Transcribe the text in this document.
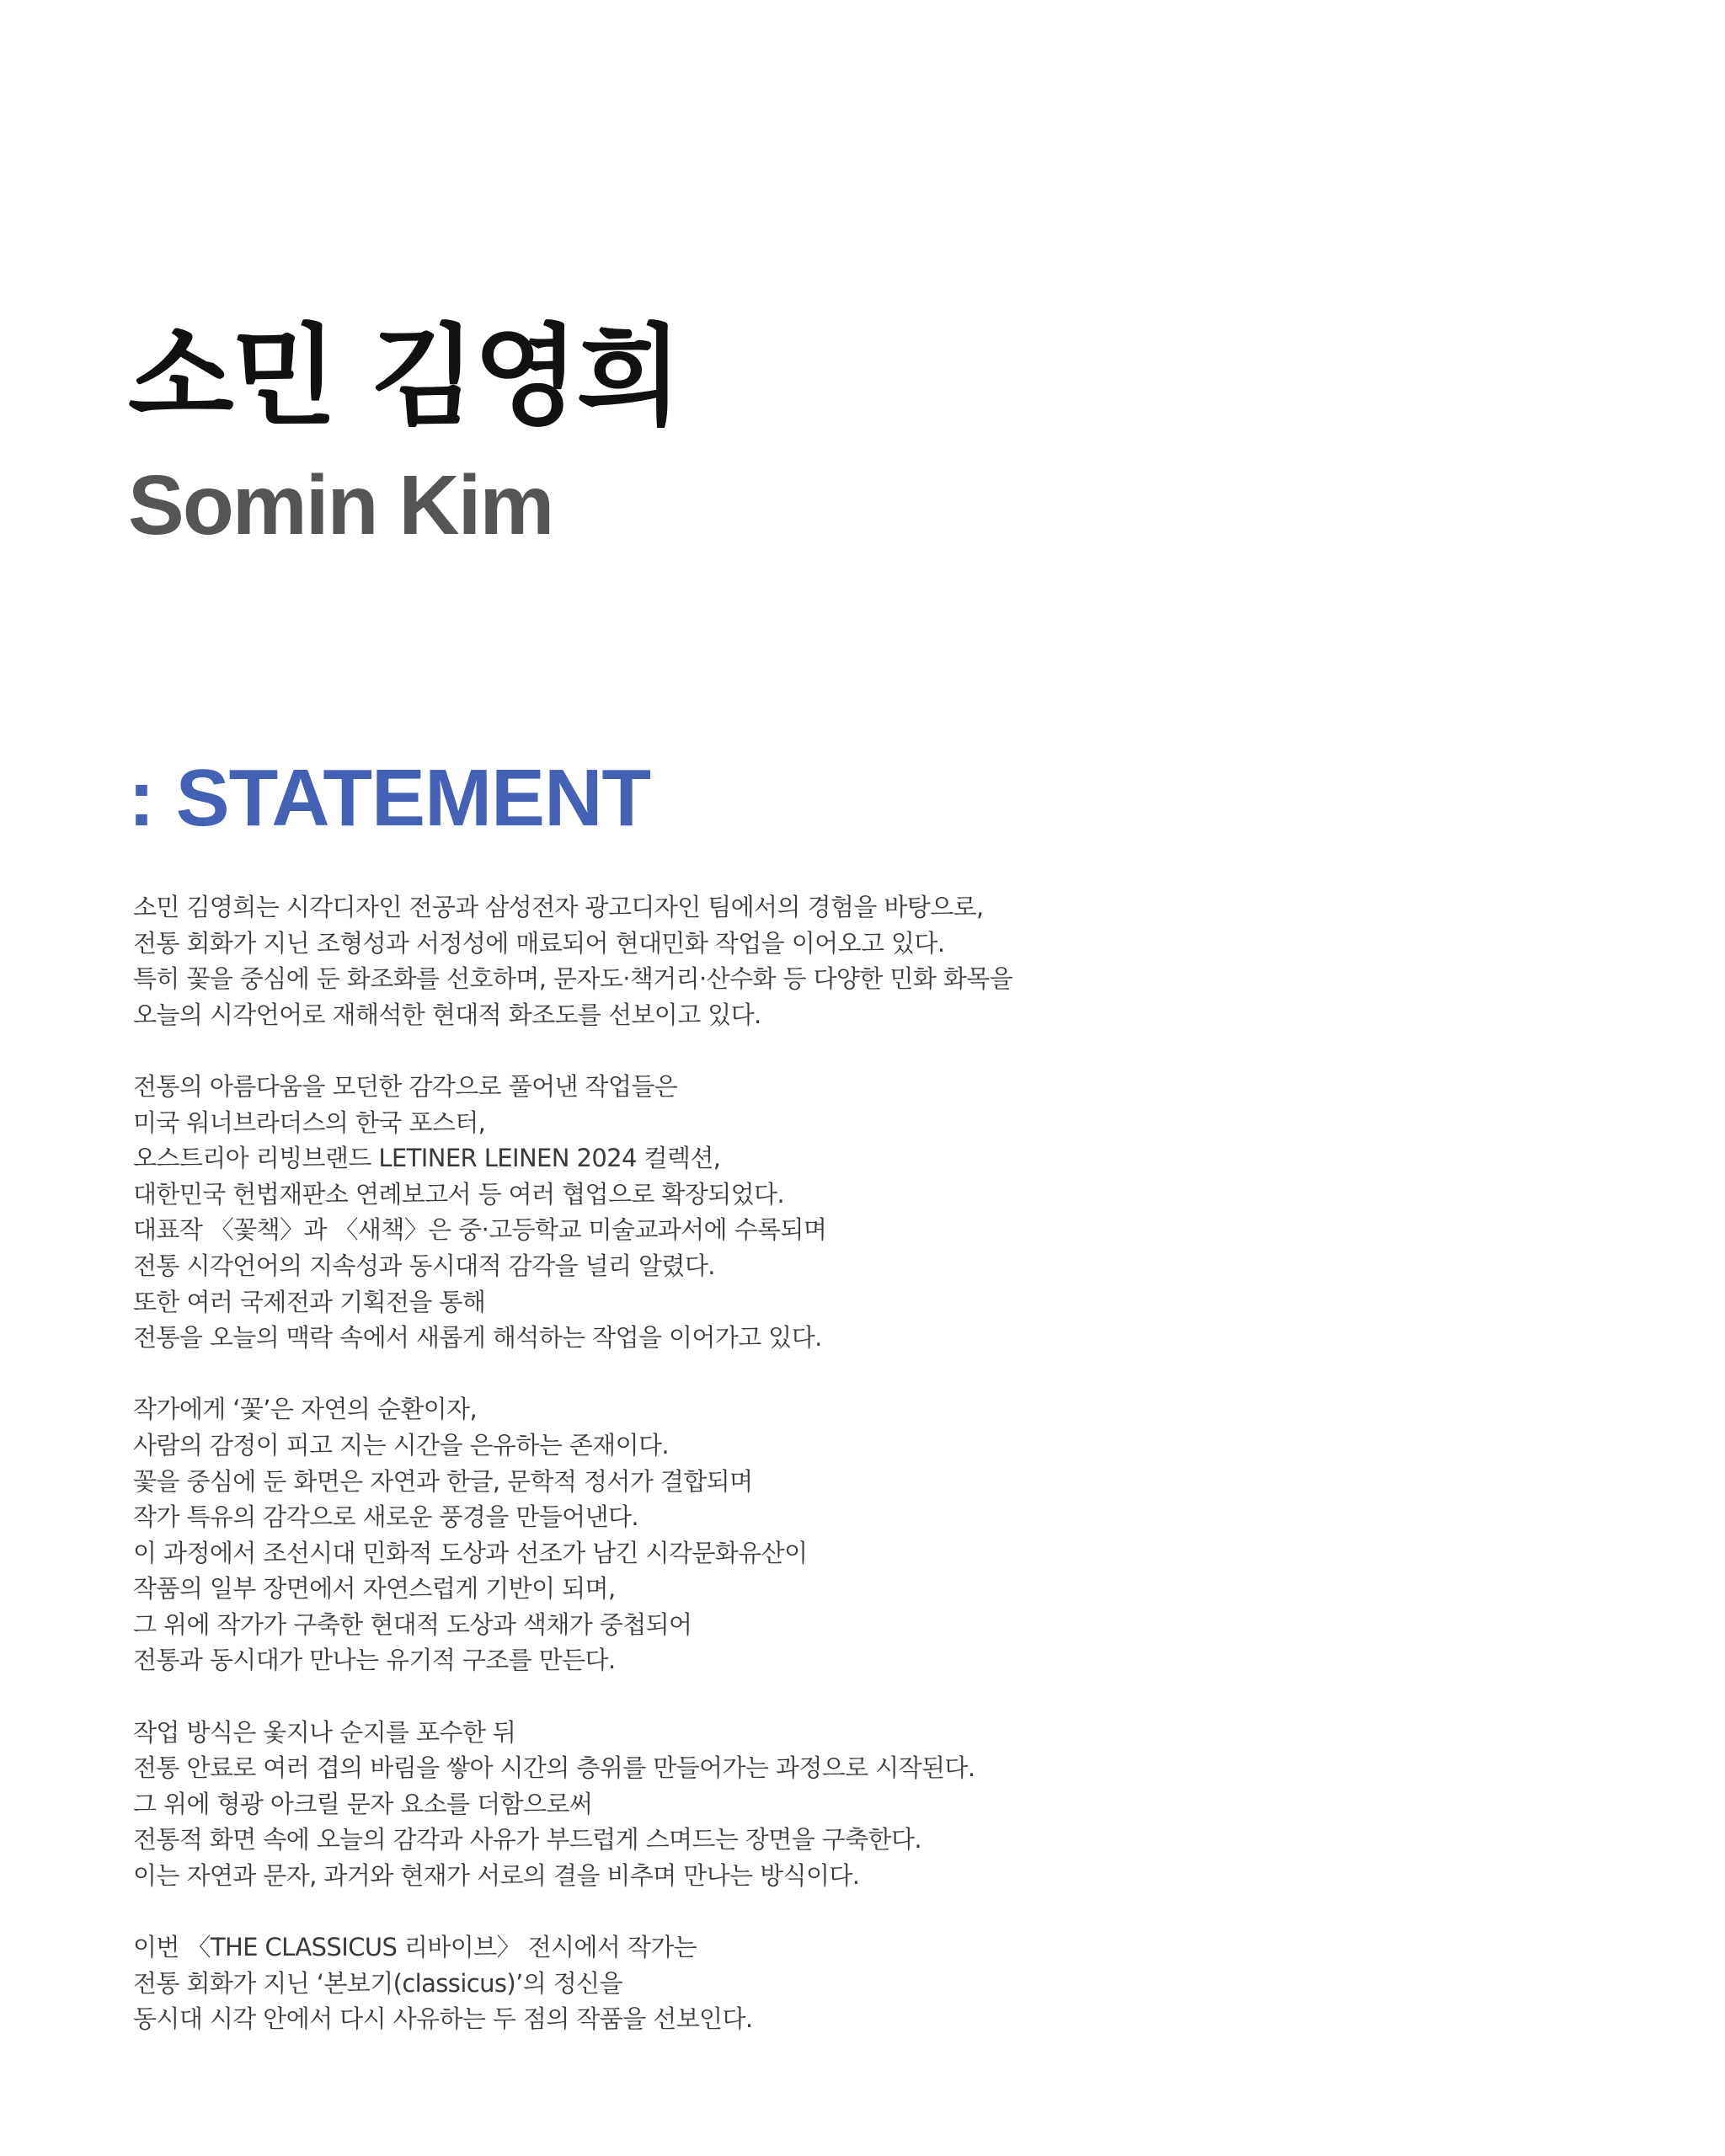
소민 김영희
Somin Kim
: STATEMENT

소민 김영희는 시각디자인 전공과 삼성전자 광고디자인 팀에서의 경험을 바탕으로,
전통 회화가 지닌 조형성과 서정성에 매료되어 현대민화 작업을 이어오고 있다.
특히 꽃을 중심에 둔 화조화를 선호하며, 문자도·책거리·산수화 등 다양한 민화 화목을
오늘의 시각언어로 재해석한 현대적 화조도를 선보이고 있다.

전통의 아름다움을 모던한 감각으로 풀어낸 작업들은
미국 워너브라더스의 한국 포스터,
오스트리아 리빙브랜드 LETINER LEINEN 2024 컬렉션,
대한민국 헌법재판소 연례보고서 등 여러 협업으로 확장되었다.
대표작 〈꽃책〉과 〈새책〉은 중·고등학교 미술교과서에 수록되며
전통 시각언어의 지속성과 동시대적 감각을 널리 알렸다.
또한 여러 국제전과 기획전을 통해
전통을 오늘의 맥락 속에서 새롭게 해석하는 작업을 이어가고 있다.

작가에게 ‘꽃’은 자연의 순환이자,
사람의 감정이 피고 지는 시간을 은유하는 존재이다.
꽃을 중심에 둔 화면은 자연과 한글, 문학적 정서가 결합되며
작가 특유의 감각으로 새로운 풍경을 만들어낸다.
이 과정에서 조선시대 민화적 도상과 선조가 남긴 시각문화유산이
작품의 일부 장면에서 자연스럽게 기반이 되며,
그 위에 작가가 구축한 현대적 도상과 색채가 중첩되어
전통과 동시대가 만나는 유기적 구조를 만든다.

작업 방식은 옻지나 순지를 포수한 뒤
전통 안료로 여러 겹의 바림을 쌓아 시간의 층위를 만들어가는 과정으로 시작된다.
그 위에 형광 아크릴 문자 요소를 더함으로써
전통적 화면 속에 오늘의 감각과 사유가 부드럽게 스며드는 장면을 구축한다.
이는 자연과 문자, 과거와 현재가 서로의 결을 비추며 만나는 방식이다.

이번 〈THE CLASSICUS 리바이브〉 전시에서 작가는
전통 회화가 지닌 ‘본보기(classicus)’의 정신을
동시대 시각 안에서 다시 사유하는 두 점의 작품을 선보인다.
